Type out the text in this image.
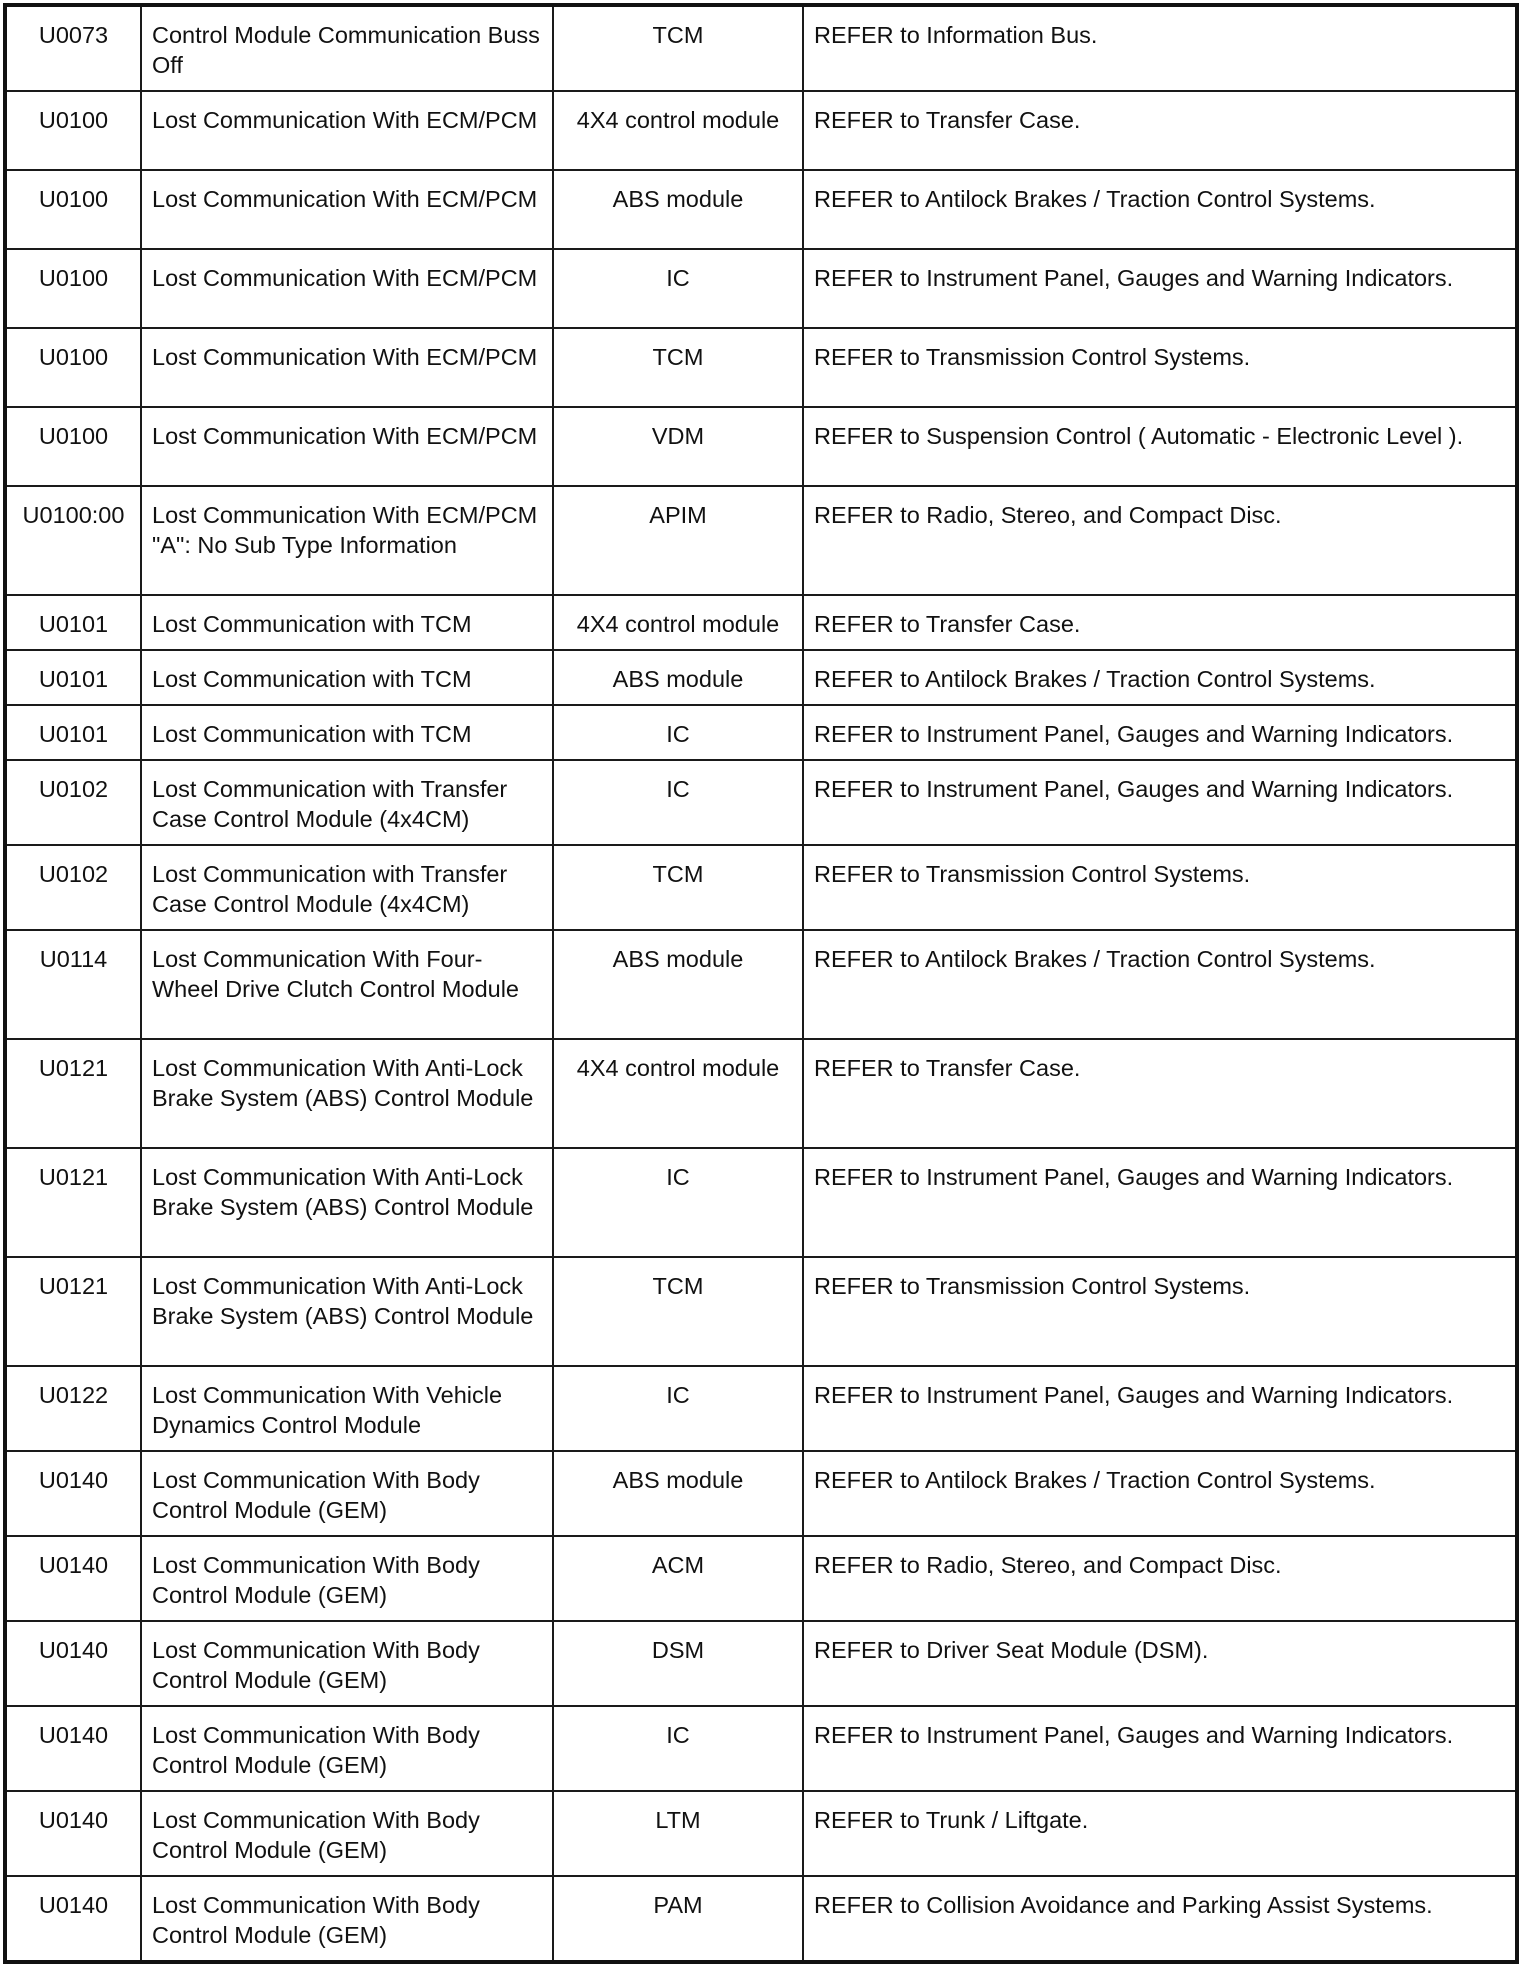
U0073	Control Module Communication Buss Off	TCM	REFER to Information Bus.
U0100	Lost Communication With ECM/PCM	4X4 control module	REFER to Transfer Case.
U0100	Lost Communication With ECM/PCM	ABS module	REFER to Antilock Brakes / Traction Control Systems.
U0100	Lost Communication With ECM/PCM	IC	REFER to Instrument Panel, Gauges and Warning Indicators.
U0100	Lost Communication With ECM/PCM	TCM	REFER to Transmission Control Systems.
U0100	Lost Communication With ECM/PCM	VDM	REFER to Suspension Control ( Automatic - Electronic Level ).
U0100:00	Lost Communication With ECM/PCM "A": No Sub Type Information	APIM	REFER to Radio, Stereo, and Compact Disc.
U0101	Lost Communication with TCM	4X4 control module	REFER to Transfer Case.
U0101	Lost Communication with TCM	ABS module	REFER to Antilock Brakes / Traction Control Systems.
U0101	Lost Communication with TCM	IC	REFER to Instrument Panel, Gauges and Warning Indicators.
U0102	Lost Communication with Transfer Case Control Module (4x4CM)	IC	REFER to Instrument Panel, Gauges and Warning Indicators.
U0102	Lost Communication with Transfer Case Control Module (4x4CM)	TCM	REFER to Transmission Control Systems.
U0114	Lost Communication With Four-Wheel Drive Clutch Control Module	ABS module	REFER to Antilock Brakes / Traction Control Systems.
U0121	Lost Communication With Anti-Lock Brake System (ABS) Control Module	4X4 control module	REFER to Transfer Case.
U0121	Lost Communication With Anti-Lock Brake System (ABS) Control Module	IC	REFER to Instrument Panel, Gauges and Warning Indicators.
U0121	Lost Communication With Anti-Lock Brake System (ABS) Control Module	TCM	REFER to Transmission Control Systems.
U0122	Lost Communication With Vehicle Dynamics Control Module	IC	REFER to Instrument Panel, Gauges and Warning Indicators.
U0140	Lost Communication With Body Control Module (GEM)	ABS module	REFER to Antilock Brakes / Traction Control Systems.
U0140	Lost Communication With Body Control Module (GEM)	ACM	REFER to Radio, Stereo, and Compact Disc.
U0140	Lost Communication With Body Control Module (GEM)	DSM	REFER to Driver Seat Module (DSM).
U0140	Lost Communication With Body Control Module (GEM)	IC	REFER to Instrument Panel, Gauges and Warning Indicators.
U0140	Lost Communication With Body Control Module (GEM)	LTM	REFER to Trunk / Liftgate.
U0140	Lost Communication With Body Control Module (GEM)	PAM	REFER to Collision Avoidance and Parking Assist Systems.
